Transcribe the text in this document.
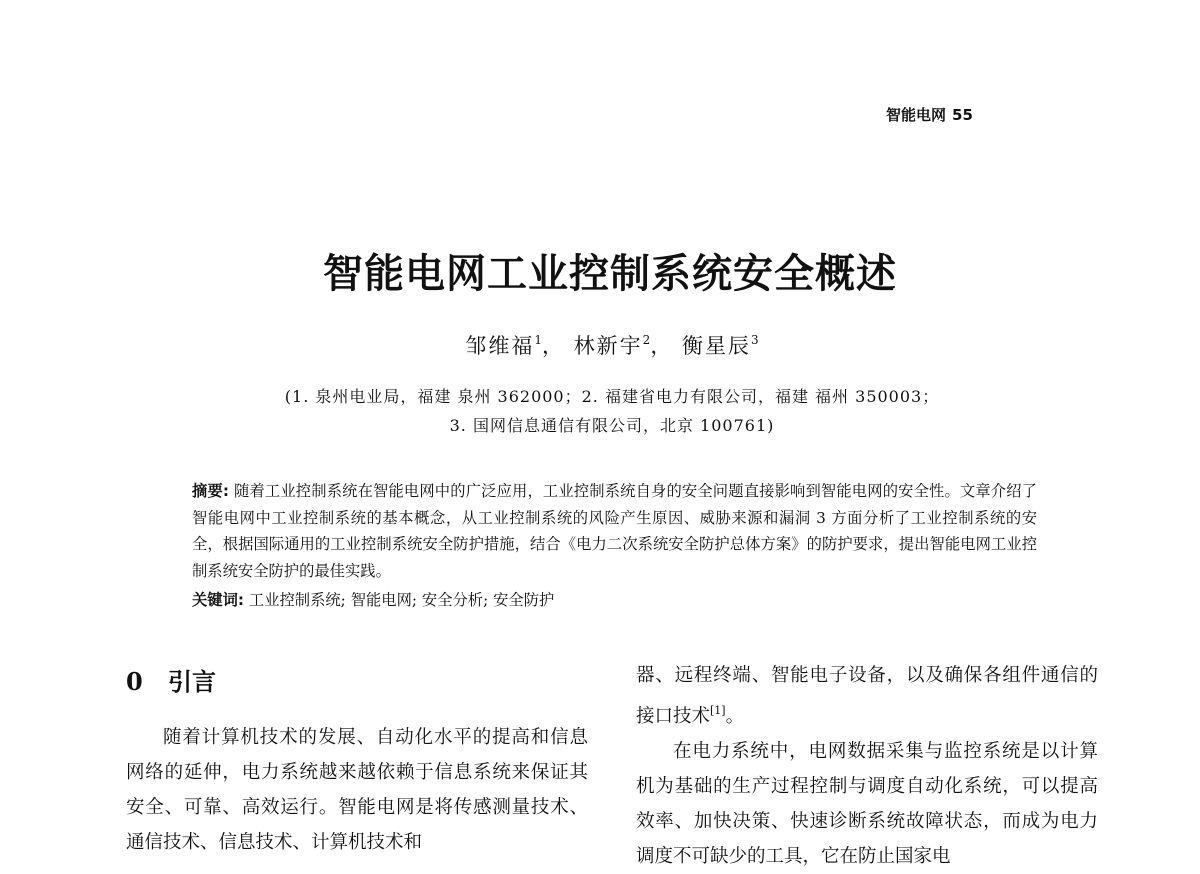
智能电网 55
智能电网工业控制系统安全概述
邹维福$^1$， 林新宇$^2$， 衡星辰$^3$
(1. 泉州电业局，福建 泉州 362000；2. 福建省电力有限公司，福建 福州 350003；
3. 国网信息通信有限公司，北京 100761)
摘要: 随着工业控制系统在智能电网中的广泛应用，工业控制系统自身的安全问题直接影响到智能电网的安全性。文章介绍了智能电网中工业控制系统的基本概念，从工业控制系统的风险产生原因、威胁来源和漏洞 3 方面分析了工业控制系统的安全，根据国际通用的工业控制系统安全防护措施，结合《电力二次系统安全防护总体方案》的防护要求，提出智能电网工业控制系统安全防护的最佳实践。
关键词: 工业控制系统; 智能电网; 安全分析; 安全防护
0 引言

随着计算机技术的发展、自动化水平的提高和信息网络的延伸，电力系统越来越依赖于信息系统来保证其安全、可靠、高效运行。智能电网是将传感测量技术、通信技术、信息技术、计算机技术和

器、远程终端、智能电子设备，以及确保各组件通信的接口技术[1]。

在电力系统中，电网数据采集与监控系统是以计算机为基础的生产过程控制与调度自动化系统，可以提高效率、加快决策、快速诊断系统故障状态，而成为电力调度不可缺少的工具，它在防止国家电
